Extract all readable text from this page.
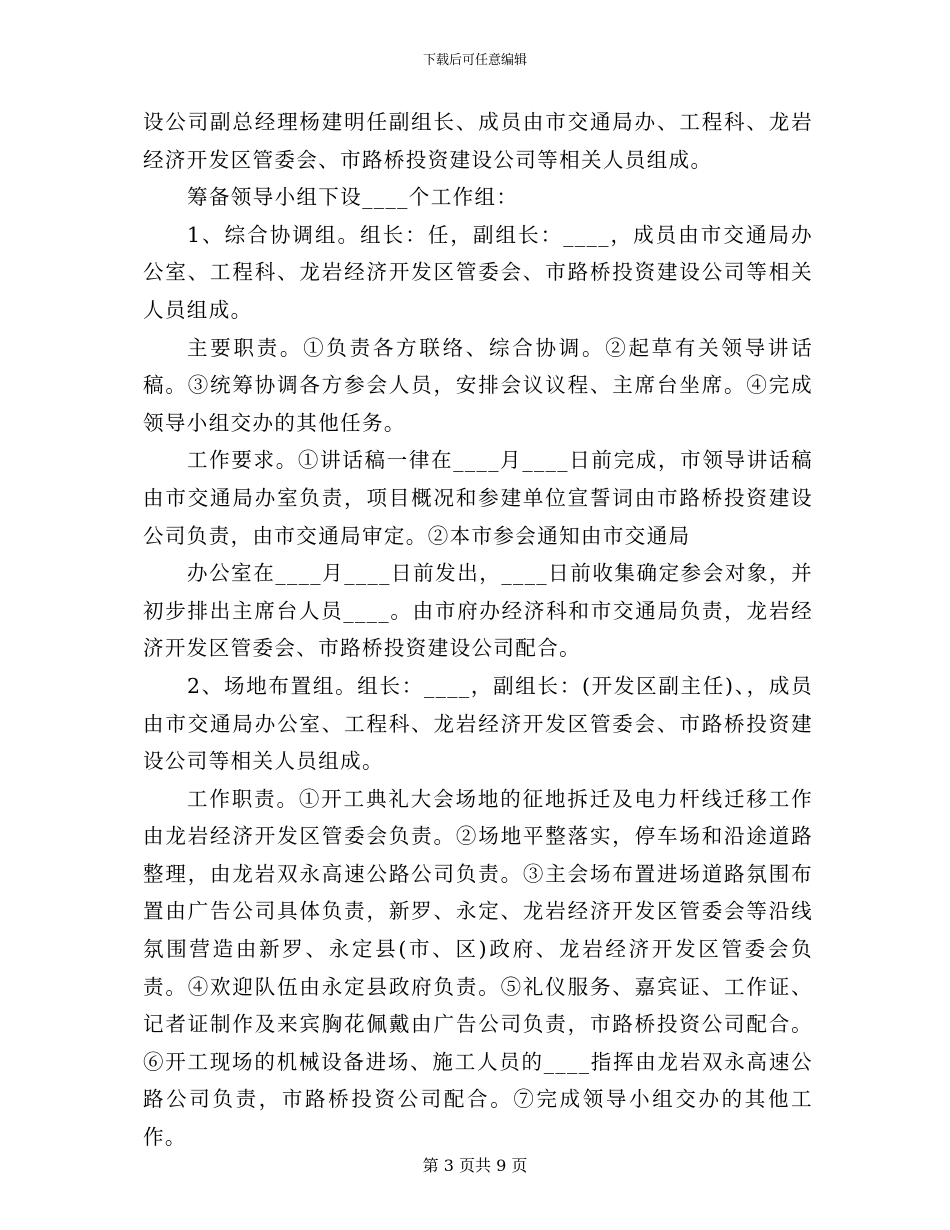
下载后可任意编辑

设公司副总经理杨建明任副组长、成员由市交通局办、工程科、龙岩经济开发区管委会、市路桥投资建设公司等相关人员组成。

筹备领导小组下设____个工作组：

1、综合协调组。组长：任，副组长：____，成员由市交通局办公室、工程科、龙岩经济开发区管委会、市路桥投资建设公司等相关人员组成。

主要职责。①负责各方联络、综合协调。②起草有关领导讲话稿。③统筹协调各方参会人员，安排会议议程、主席台坐席。④完成领导小组交办的其他任务。

工作要求。①讲话稿一律在____月____日前完成，市领导讲话稿由市交通局办室负责，项目概况和参建单位宣誓词由市路桥投资建设公司负责，由市交通局审定。②本市参会通知由市交通局

办公室在____月____日前发出，____日前收集确定参会对象，并初步排出主席台人员____。由市府办经济科和市交通局负责，龙岩经济开发区管委会、市路桥投资建设公司配合。

2、场地布置组。组长：____，副组长：(开发区副主任)、，成员由市交通局办公室、工程科、龙岩经济开发区管委会、市路桥投资建设公司等相关人员组成。

工作职责。①开工典礼大会场地的征地拆迁及电力杆线迁移工作由龙岩经济开发区管委会负责。②场地平整落实，停车场和沿途道路整理，由龙岩双永高速公路公司负责。③主会场布置进场道路氛围布置由广告公司具体负责，新罗、永定、龙岩经济开发区管委会等沿线氛围营造由新罗、永定县(市、区)政府、龙岩经济开发区管委会负责。④欢迎队伍由永定县政府负责。⑤礼仪服务、嘉宾证、工作证、记者证制作及来宾胸花佩戴由广告公司负责，市路桥投资公司配合。⑥开工现场的机械设备进场、施工人员的____指挥由龙岩双永高速公路公司负责，市路桥投资公司配合。⑦完成领导小组交办的其他工作。

第 3 页共 9 页
